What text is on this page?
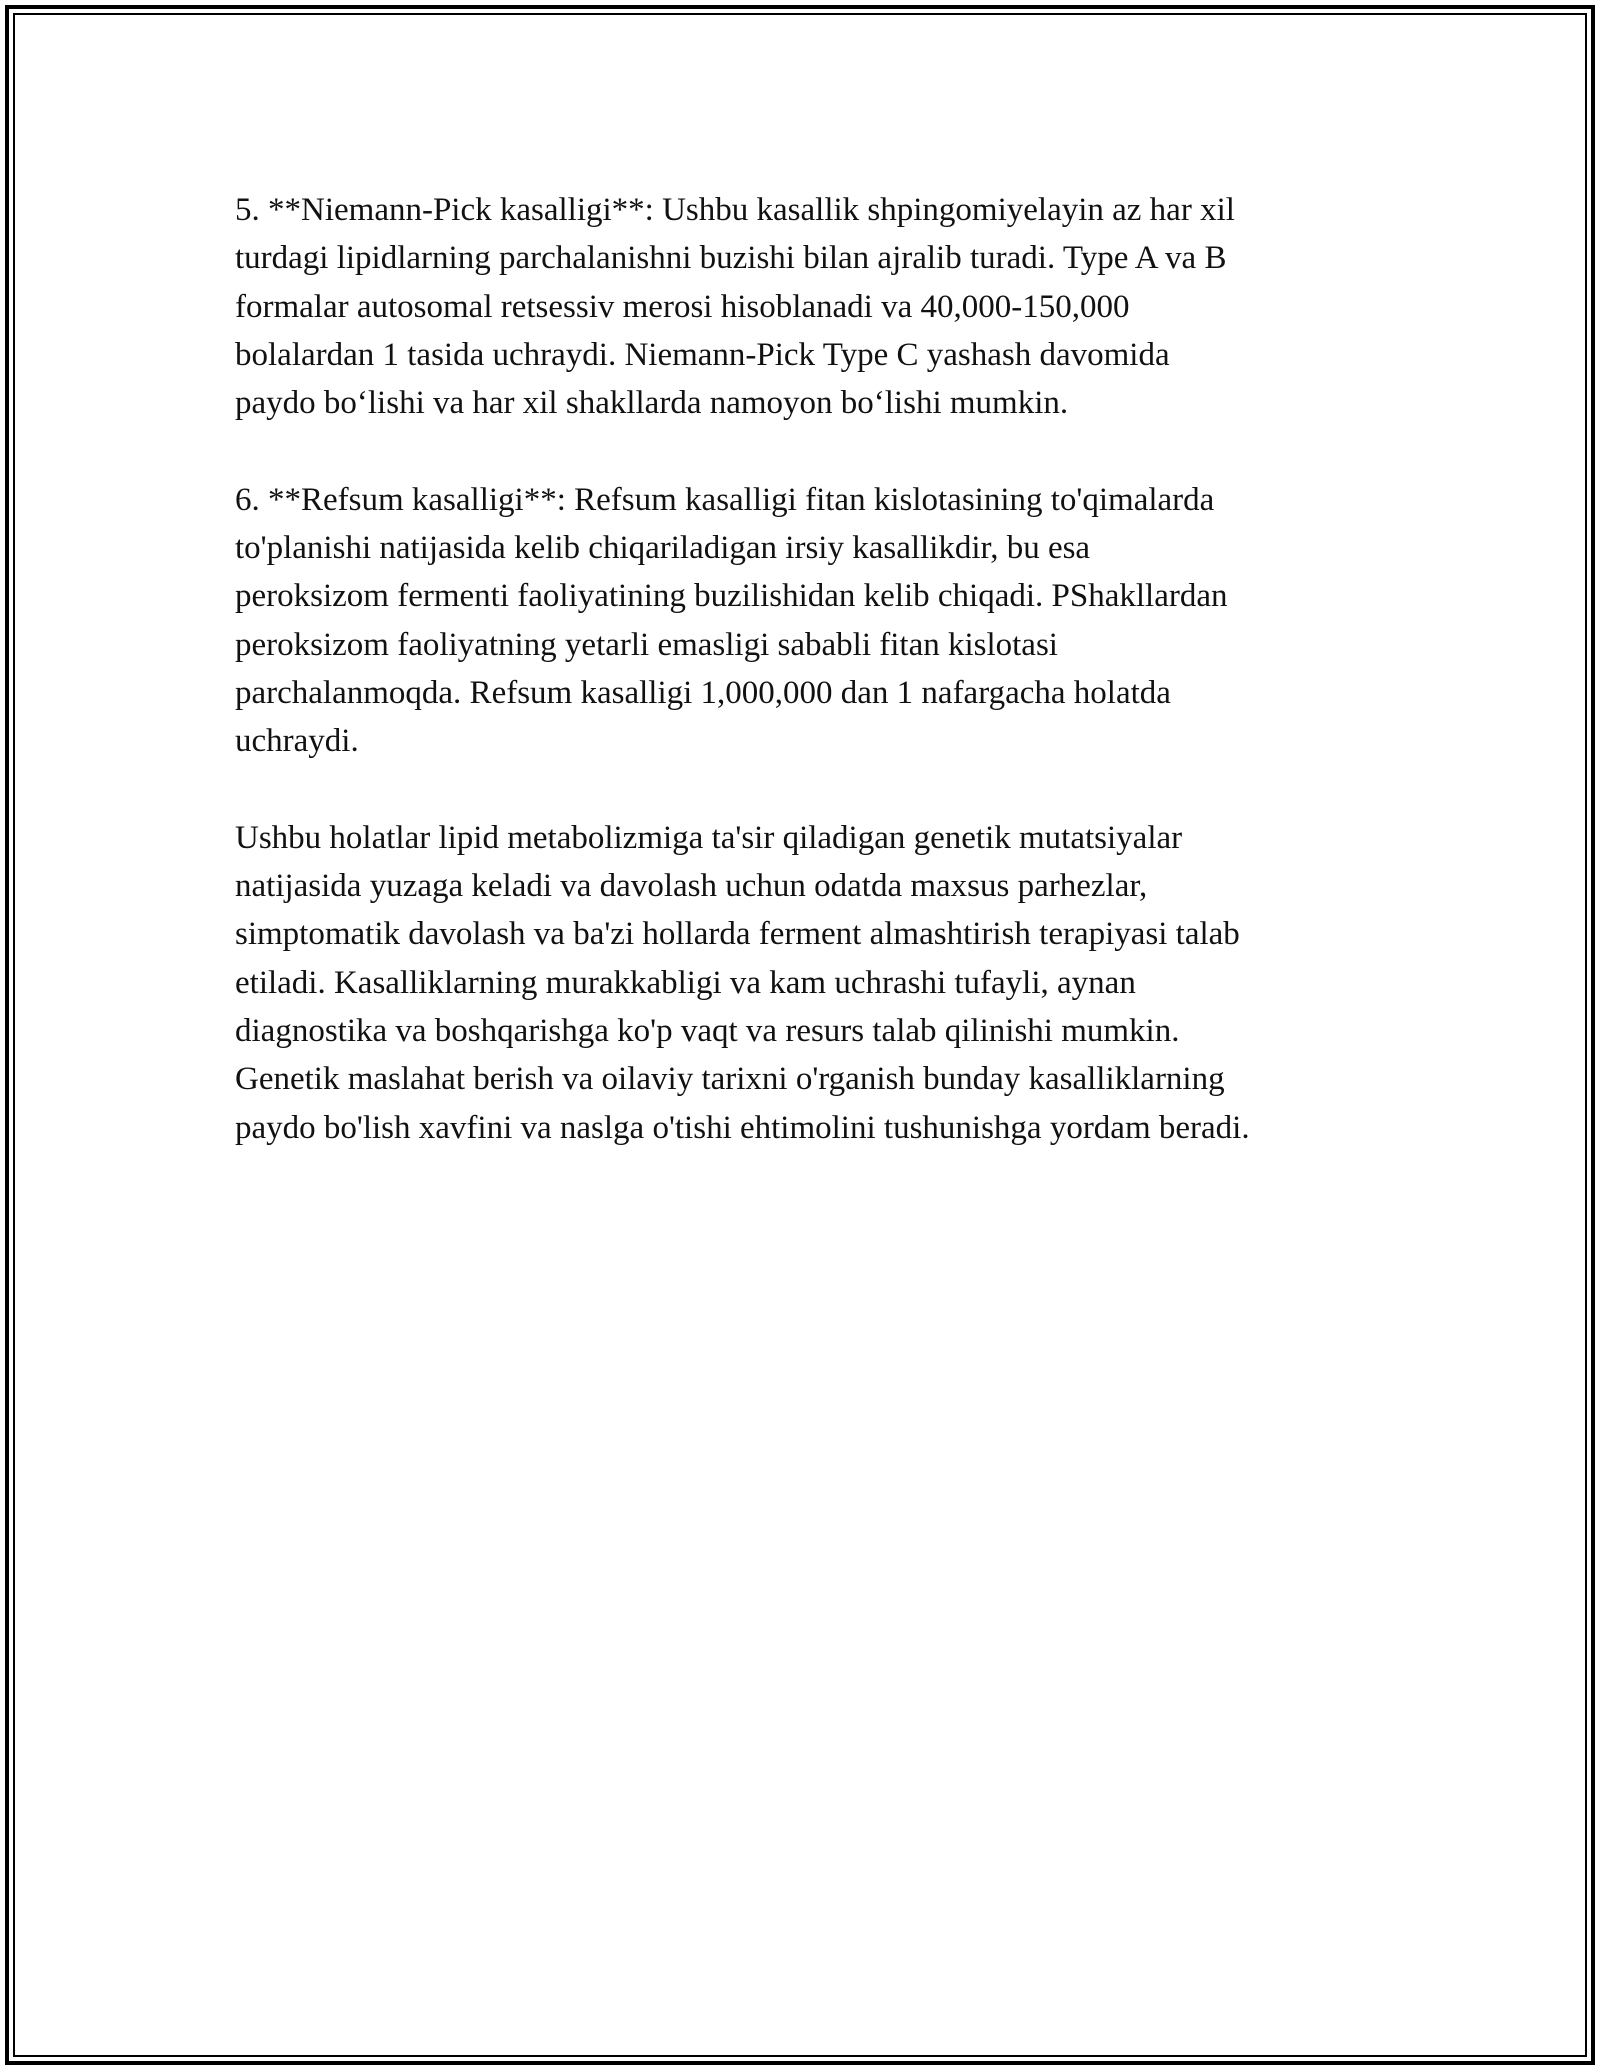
5. **Niemann-Pick kasalligi**: Ushbu kasallik shpingomiyelayin az har xil
turdagi lipidlarning parchalanishni buzishi bilan ajralib turadi. Type A va B
formalar autosomal retsessiv merosi hisoblanadi va 40,000-150,000
bolalardan 1 tasida uchraydi. Niemann-Pick Type C yashash davomida
paydo bo‘lishi va har xil shakllarda namoyon bo‘lishi mumkin.

6. **Refsum kasalligi**: Refsum kasalligi fitan kislotasining to'qimalarda
to'planishi natijasida kelib chiqariladigan irsiy kasallikdir, bu esa
peroksizom fermenti faoliyatining buzilishidan kelib chiqadi. PShakllardan
peroksizom faoliyatning yetarli emasligi sababli fitan kislotasi
parchalanmoqda. Refsum kasalligi 1,000,000 dan 1 nafargacha holatda
uchraydi.

Ushbu holatlar lipid metabolizmiga ta'sir qiladigan genetik mutatsiyalar
natijasida yuzaga keladi va davolash uchun odatda maxsus parhezlar,
simptomatik davolash va ba'zi hollarda ferment almashtirish terapiyasi talab
etiladi. Kasalliklarning murakkabligi va kam uchrashi tufayli, aynan
diagnostika va boshqarishga ko'p vaqt va resurs talab qilinishi mumkin.
Genetik maslahat berish va oilaviy tarixni o'rganish bunday kasalliklarning
paydo bo'lish xavfini va naslga o'tishi ehtimolini tushunishga yordam beradi.
